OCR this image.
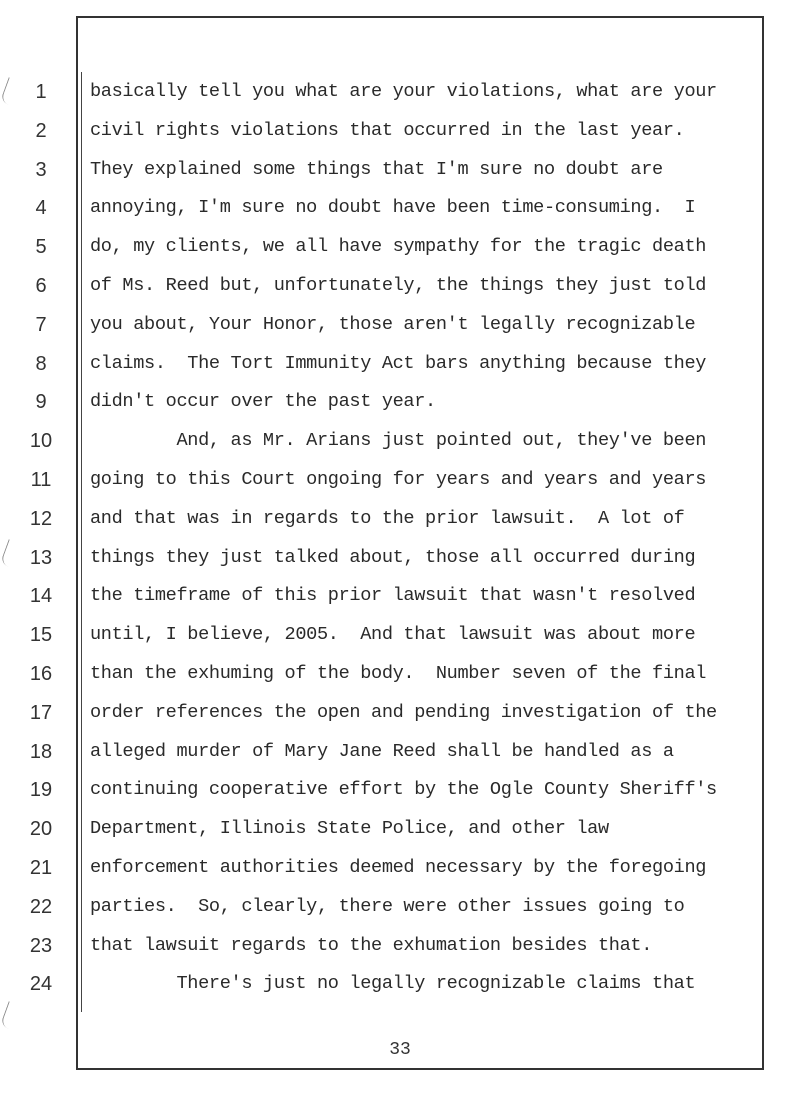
1
2
3
4
5
6
7
8
9
10
11
12
13
14
15
16
17
18
19
20
21
22
23
24
basically tell you what are your violations, what are your
civil rights violations that occurred in the last year.
They explained some things that I'm sure no doubt are
annoying, I'm sure no doubt have been time-consuming.  I
do, my clients, we all have sympathy for the tragic death
of Ms. Reed but, unfortunately, the things they just told
you about, Your Honor, those aren't legally recognizable
claims.  The Tort Immunity Act bars anything because they
didn't occur over the past year.
And, as Mr. Arians just pointed out, they've been
going to this Court ongoing for years and years and years
and that was in regards to the prior lawsuit.  A lot of
things they just talked about, those all occurred during
the timeframe of this prior lawsuit that wasn't resolved
until, I believe, 2005.  And that lawsuit was about more
than the exhuming of the body.  Number seven of the final
order references the open and pending investigation of the
alleged murder of Mary Jane Reed shall be handled as a
continuing cooperative effort by the Ogle County Sheriff's
Department, Illinois State Police, and other law
enforcement authorities deemed necessary by the foregoing
parties.  So, clearly, there were other issues going to
that lawsuit regards to the exhumation besides that.
There's just no legally recognizable claims that
33
